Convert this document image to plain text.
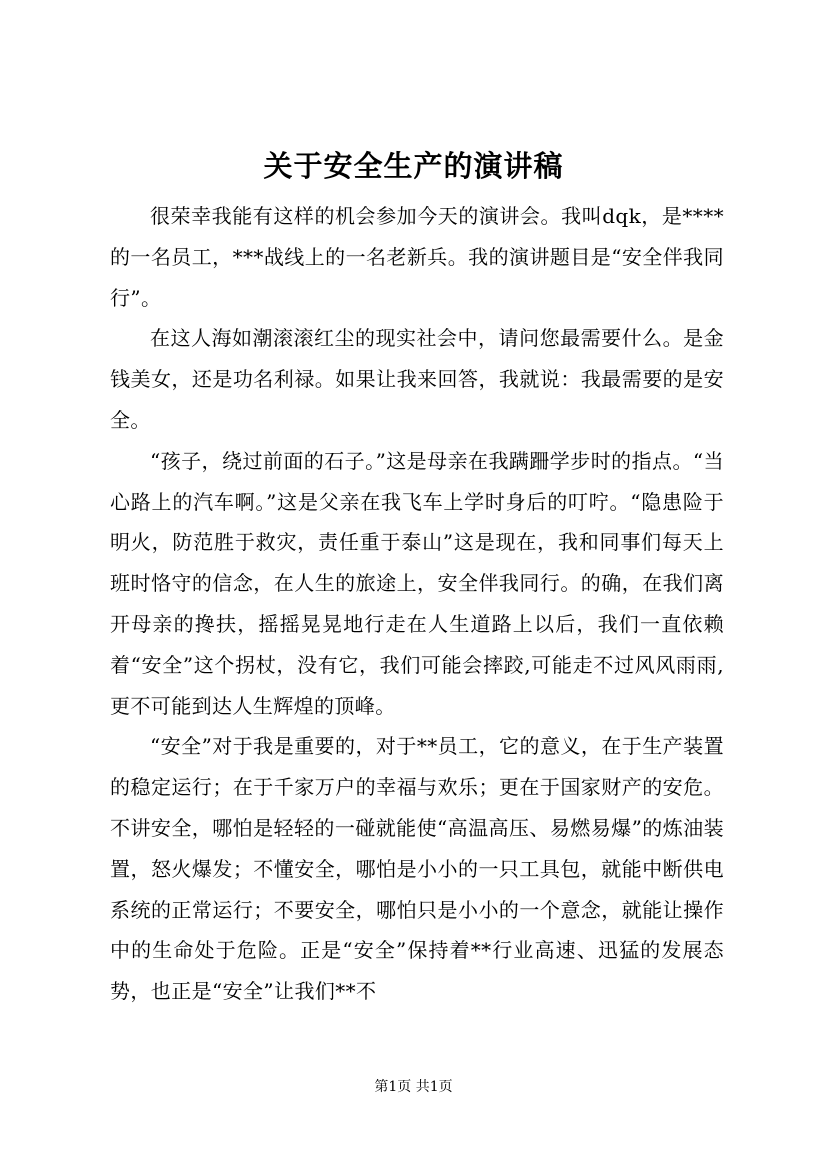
关于安全生产的演讲稿

很荣幸我能有这样的机会参加今天的演讲会。我叫dqk，是****的一名员工，***战线上的一名老新兵。我的演讲题目是“安全伴我同行”。

在这人海如潮滚滚红尘的现实社会中，请问您最需要什么。是金钱美女，还是功名利禄。如果让我来回答，我就说：我最需要的是安全。

“孩子，绕过前面的石子。”这是母亲在我蹒跚学步时的指点。“当心路上的汽车啊。”这是父亲在我飞车上学时身后的叮咛。“隐患险于明火，防范胜于救灾，责任重于泰山”这是现在，我和同事们每天上班时恪守的信念，在人生的旅途上，安全伴我同行。的确，在我们离开母亲的搀扶，摇摇晃晃地行走在人生道路上以后，我们一直依赖着“安全”这个拐杖，没有它，我们可能会摔跤,可能走不过风风雨雨,更不可能到达人生辉煌的顶峰。

“安全”对于我是重要的，对于**员工，它的意义，在于生产装置的稳定运行；在于千家万户的幸福与欢乐；更在于国家财产的安危。不讲安全，哪怕是轻轻的一碰就能使“高温高压、易燃易爆”的炼油装置，怒火爆发；不懂安全，哪怕是小小的一只工具包，就能中断供电系统的正常运行；不要安全，哪怕只是小小的一个意念，就能让操作中的生命处于危险。正是“安全”保持着**行业高速、迅猛的发展态势，也正是“安全”让我们**不

第1页 共1页
